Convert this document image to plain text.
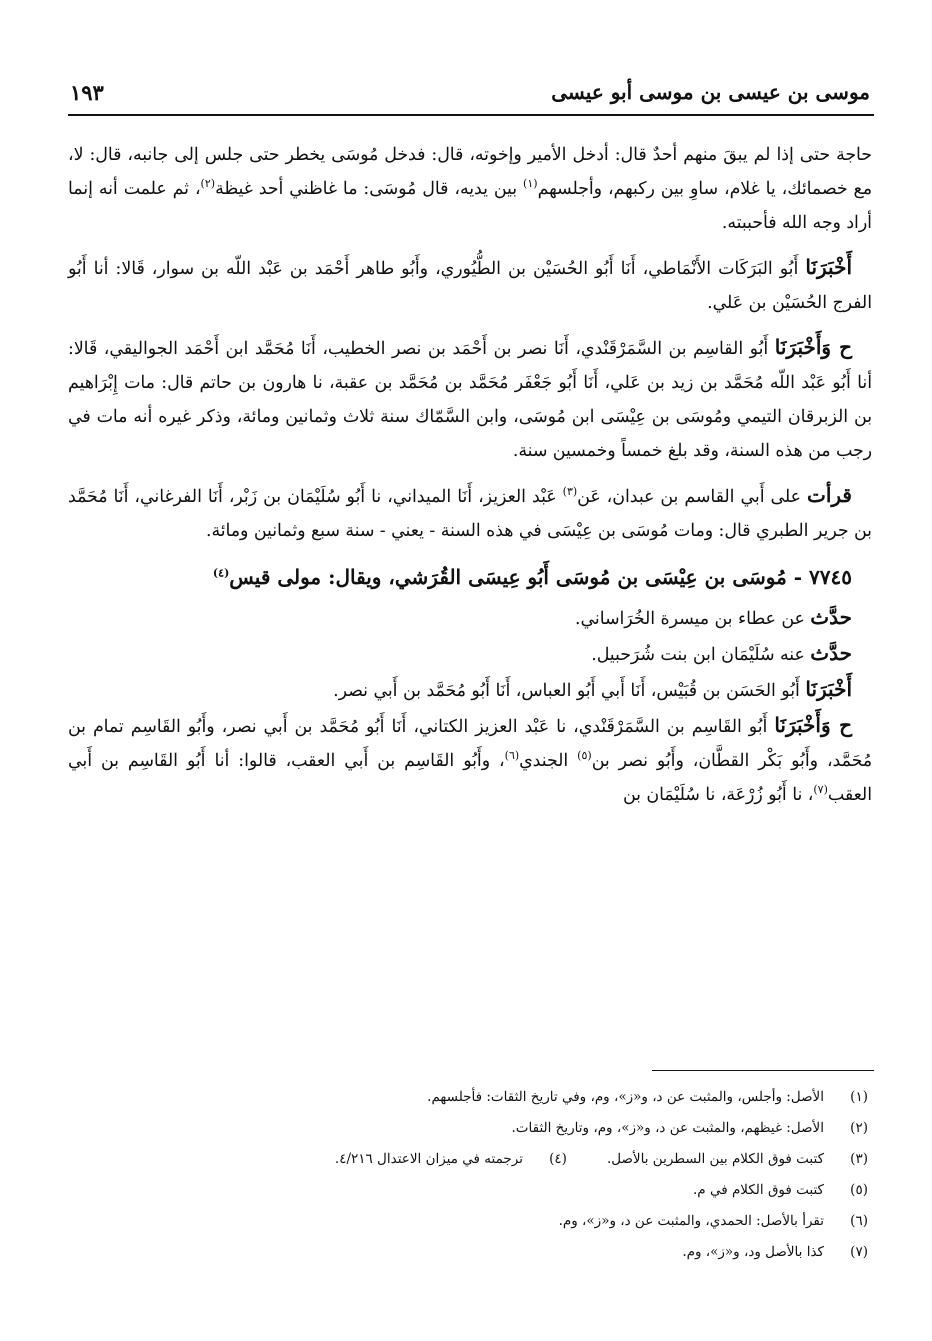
موسى بن عيسى بن موسى أبو عيسى
١٩٣

حاجة حتى إذا لم يبقَ منهم أحدٌ قال: أدخل الأمير وإخوته، قال: فدخل مُوسَى يخطر حتى جلس إلى جانبه، قال: لا، مع خصمائك، يا غلام، ساوِ بين ركبهم، وأجلسهم$^{(١)}$ بين يديه، قال مُوسَى: ما غاظني أحد غيظة$^{(٢)}$، ثم علمت أنه إنما أراد وجه الله فأحببته.

أَخْبَرَنَا أَبُو البَرَكَات الأَنْمَاطي، أَنَا أَبُو الحُسَيْن بن الطُّيُوري، وأَبُو طاهر أَحْمَد بن عَبْد اللّه بن سوار، قَالا: أنا أَبُو الفرج الحُسَيْن بن عَلي.

ح وَأَخْبَرَنَا أَبُو القاسِم بن السَّمَرْقَنْدي، أَنَا نصر بن أَحْمَد بن نصر الخطيب، أَنَا مُحَمَّد ابن أَحْمَد الجواليقي، قَالا: أنا أَبُو عَبْد اللّه مُحَمَّد بن زيد بن عَلي، أَنَا أَبُو جَعْفَر مُحَمَّد بن مُحَمَّد بن عقبة، نا هارون بن حاتم قال: مات إِبْرَاهيم بن الزبرقان التيمي ومُوسَى بن عِيْسَى ابن مُوسَى، وابن السَّمّاك سنة ثلاث وثمانين ومائة، وذكر غيره أنه مات في رجب من هذه السنة، وقد بلغ خمساً وخمسين سنة.

قرأت على أَبي القاسم بن عبدان، عَن$^{(٣)}$ عَبْد العزيز، أَنَا الميداني، نا أَبُو سُلَيْمَان بن زَبْر، أَنَا الفرغاني، أَنَا مُحَمَّد بن جرير الطبري قال: ومات مُوسَى بن عِيْسَى في هذه السنة - يعني - سنة سبع وثمانين ومائة.

٧٧٤٥ - مُوسَى بن عِيْسَى بن مُوسَى أَبُو عِيسَى القُرَشي، ويقال: مولى قيس$^{(٤)}$

حدَّث عن عطاء بن ميسرة الخُرَاساني.

حدَّث عنه سُلَيْمَان ابن بنت شُرَحبيل.

أَخْبَرَنَا أَبُو الحَسَن بن قُبَيْس، أَنَا أَبي أَبُو العباس، أَنَا أَبُو مُحَمَّد بن أَبي نصر.

ح وَأَخْبَرَنَا أَبُو القَاسِم بن السَّمَرْقَنْدي، نا عَبْد العزيز الكتاني، أَنَا أَبُو مُحَمَّد بن أَبي نصر، وأَبُو القَاسِم تمام بن مُحَمَّد، وأَبُو بَكْر القطَّان، وأَبُو نصر بن$^{(٥)}$ الجندي$^{(٦)}$، وأَبُو القَاسِم بن أَبي العقب، قالوا: أنا أَبُو القَاسِم بن أَبي العقب$^{(٧)}$، نا أَبُو زُرْعَة، نا سُلَيْمَان بن

(١)
الأصل: وأجلس، والمثبت عن د، و«ز»، وم، وفي تاريخ الثقات: فأجلسهم.
(٢)
الأصل: غيظهم، والمثبت عن د، و«ز»، وم، وتاريخ الثقات.
(٣)
كتبت فوق الكلام بين السطرين بالأصل.
(٤)
ترجمته في ميزان الاعتدال ٤/٢١٦.
(٥)
كتبت فوق الكلام في م.
(٦)
تقرأ بالأصل: الحمدي، والمثبت عن د، و«ز»، وم.
(٧)
كذا بالأصل ود، و«ز»، وم.
